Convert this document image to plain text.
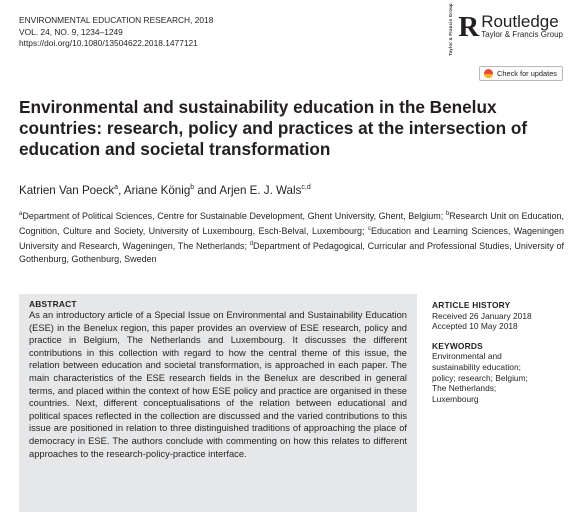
ENVIRONMENTAL EDUCATION RESEARCH, 2018
VOL. 24, NO. 9, 1234–1249
https://doi.org/10.1080/13504622.2018.1477121	Taylor & Francis Group R Routledge
Taylor & Francis Group
Check for updates
Environmental and sustainability education in the Benelux countries: research, policy and practices at the intersection of education and societal transformation
Katrien Van Poeck$^a$, Ariane König$^b$ and Arjen E. J. Wals$^{c,d}$
$^a$Department of Political Sciences, Centre for Sustainable Development, Ghent University, Ghent, Belgium; $^b$Research Unit on Education, Cognition, Culture and Society, University of Luxembourg, Esch-Belval, Luxembourg; $^c$Education and Learning Sciences, Wageningen University and Research, Wageningen, The Netherlands; $^d$Department of Pedagogical, Curricular and Professional Studies, University of Gothenburg, Gothenburg, Sweden
ABSTRACT
As an introductory article of a Special Issue on Environmental and Sustainability Education (ESE) in the Benelux region, this paper provides an overview of ESE research, policy and practice in Belgium, The Netherlands and Luxembourg. It discusses the different contributions in this collection with regard to how the central theme of this issue, the relation between education and societal transformation, is approached in each paper. The main characteristics of the ESE research fields in the Benelux are described in general terms, and placed within the context of how ESE policy and practice are organised in these countries. Next, different conceptualisations of the relation between educational and political spaces reflected in the collection are discussed and the varied contributions to this issue are positioned in relation to three distinguished traditions of approaching the place of democracy in ESE. The authors conclude with commenting on how this relates to different approaches to the research-policy-practice interface.
ARTICLE HISTORY
Received 26 January 2018
Accepted 10 May 2018
KEYWORDS
Environmental and
sustainability education;
policy; research; Belgium;
The Netherlands;
Luxembourg
